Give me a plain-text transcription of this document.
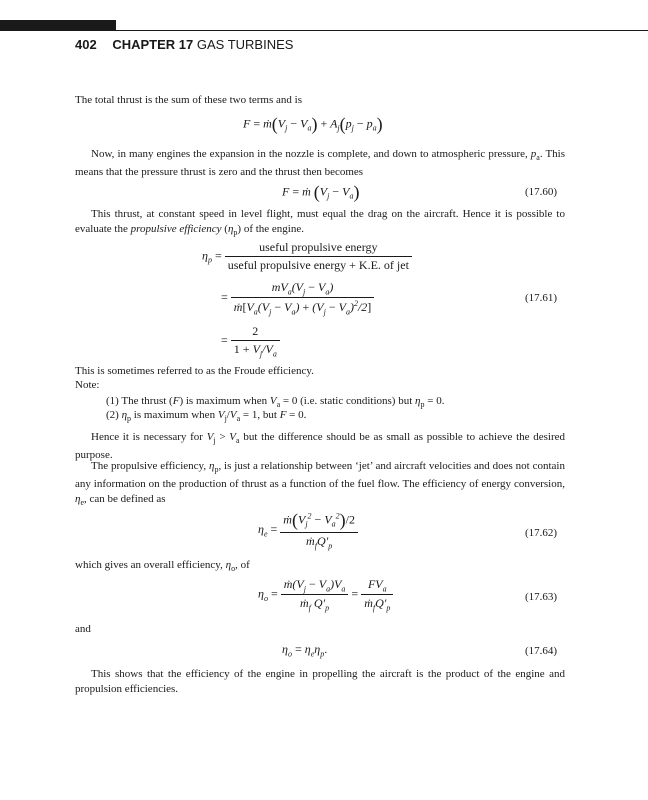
402 CHAPTER 17 GAS TURBINES
The total thrust is the sum of these two terms and is
$F = ṁ(V_j - V_a) + A_j(p_j - p_a)$
Now, in many engines the expansion in the nozzle is complete, and down to atmospheric pressure, $p_a$. This means that the pressure thrust is zero and the thrust then becomes
F = ṁ $(V_j - V_a)$	(17.60)
This thrust, at constant speed in level flight, must equal the drag on the aircraft. Hence it is possible to evaluate the propulsive efficiency $(\eta_p)$ of the engine.
$\eta_p = \frac{\text{useful propulsive energy}}{\text{useful propulsive energy + K.E. of jet}}$
= $\frac{mV_a(V_j - V_a)}{ṁ[V_a(V_j - V_a) + (V_j - V_a)^2/2]}$	(17.61)
= $\frac{2}{1 + V_j/V_a}$
This is sometimes referred to as the Froude efficiency.
Note:
(1) The thrust (F) is maximum when $V_a = 0$ (i.e. static conditions) but $\eta_p = 0$.
(2) $\eta_p$ is maximum when $V_j/V_a = 1$, but F = 0.
Hence it is necessary for $V_j > V_a$ but the difference should be as small as possible to achieve the desired purpose.
The propulsive efficiency, $\eta_p$, is just a relationship between ‘jet’ and aircraft velocities and does not contain any information on the production of thrust as a function of the fuel flow. The efficiency of energy conversion, $\eta_e$, can be defined as
$\eta_e = \frac{ṁ(V_j^2 - V_a^2)/2}{ṁ_fQ'_p}$	(17.62)
which gives an overall efficiency, $\eta_o$, of
$\eta_o = \frac{ṁ(V_j - V_a)V_a}{ṁ_f Q'_p} = \frac{FV_a}{ṁ_fQ'_p}$	(17.63)
and
$\eta_o = \eta_e\eta_p$.	(17.64)
This shows that the efficiency of the engine in propelling the aircraft is the product of the engine and propulsion efficiencies.
